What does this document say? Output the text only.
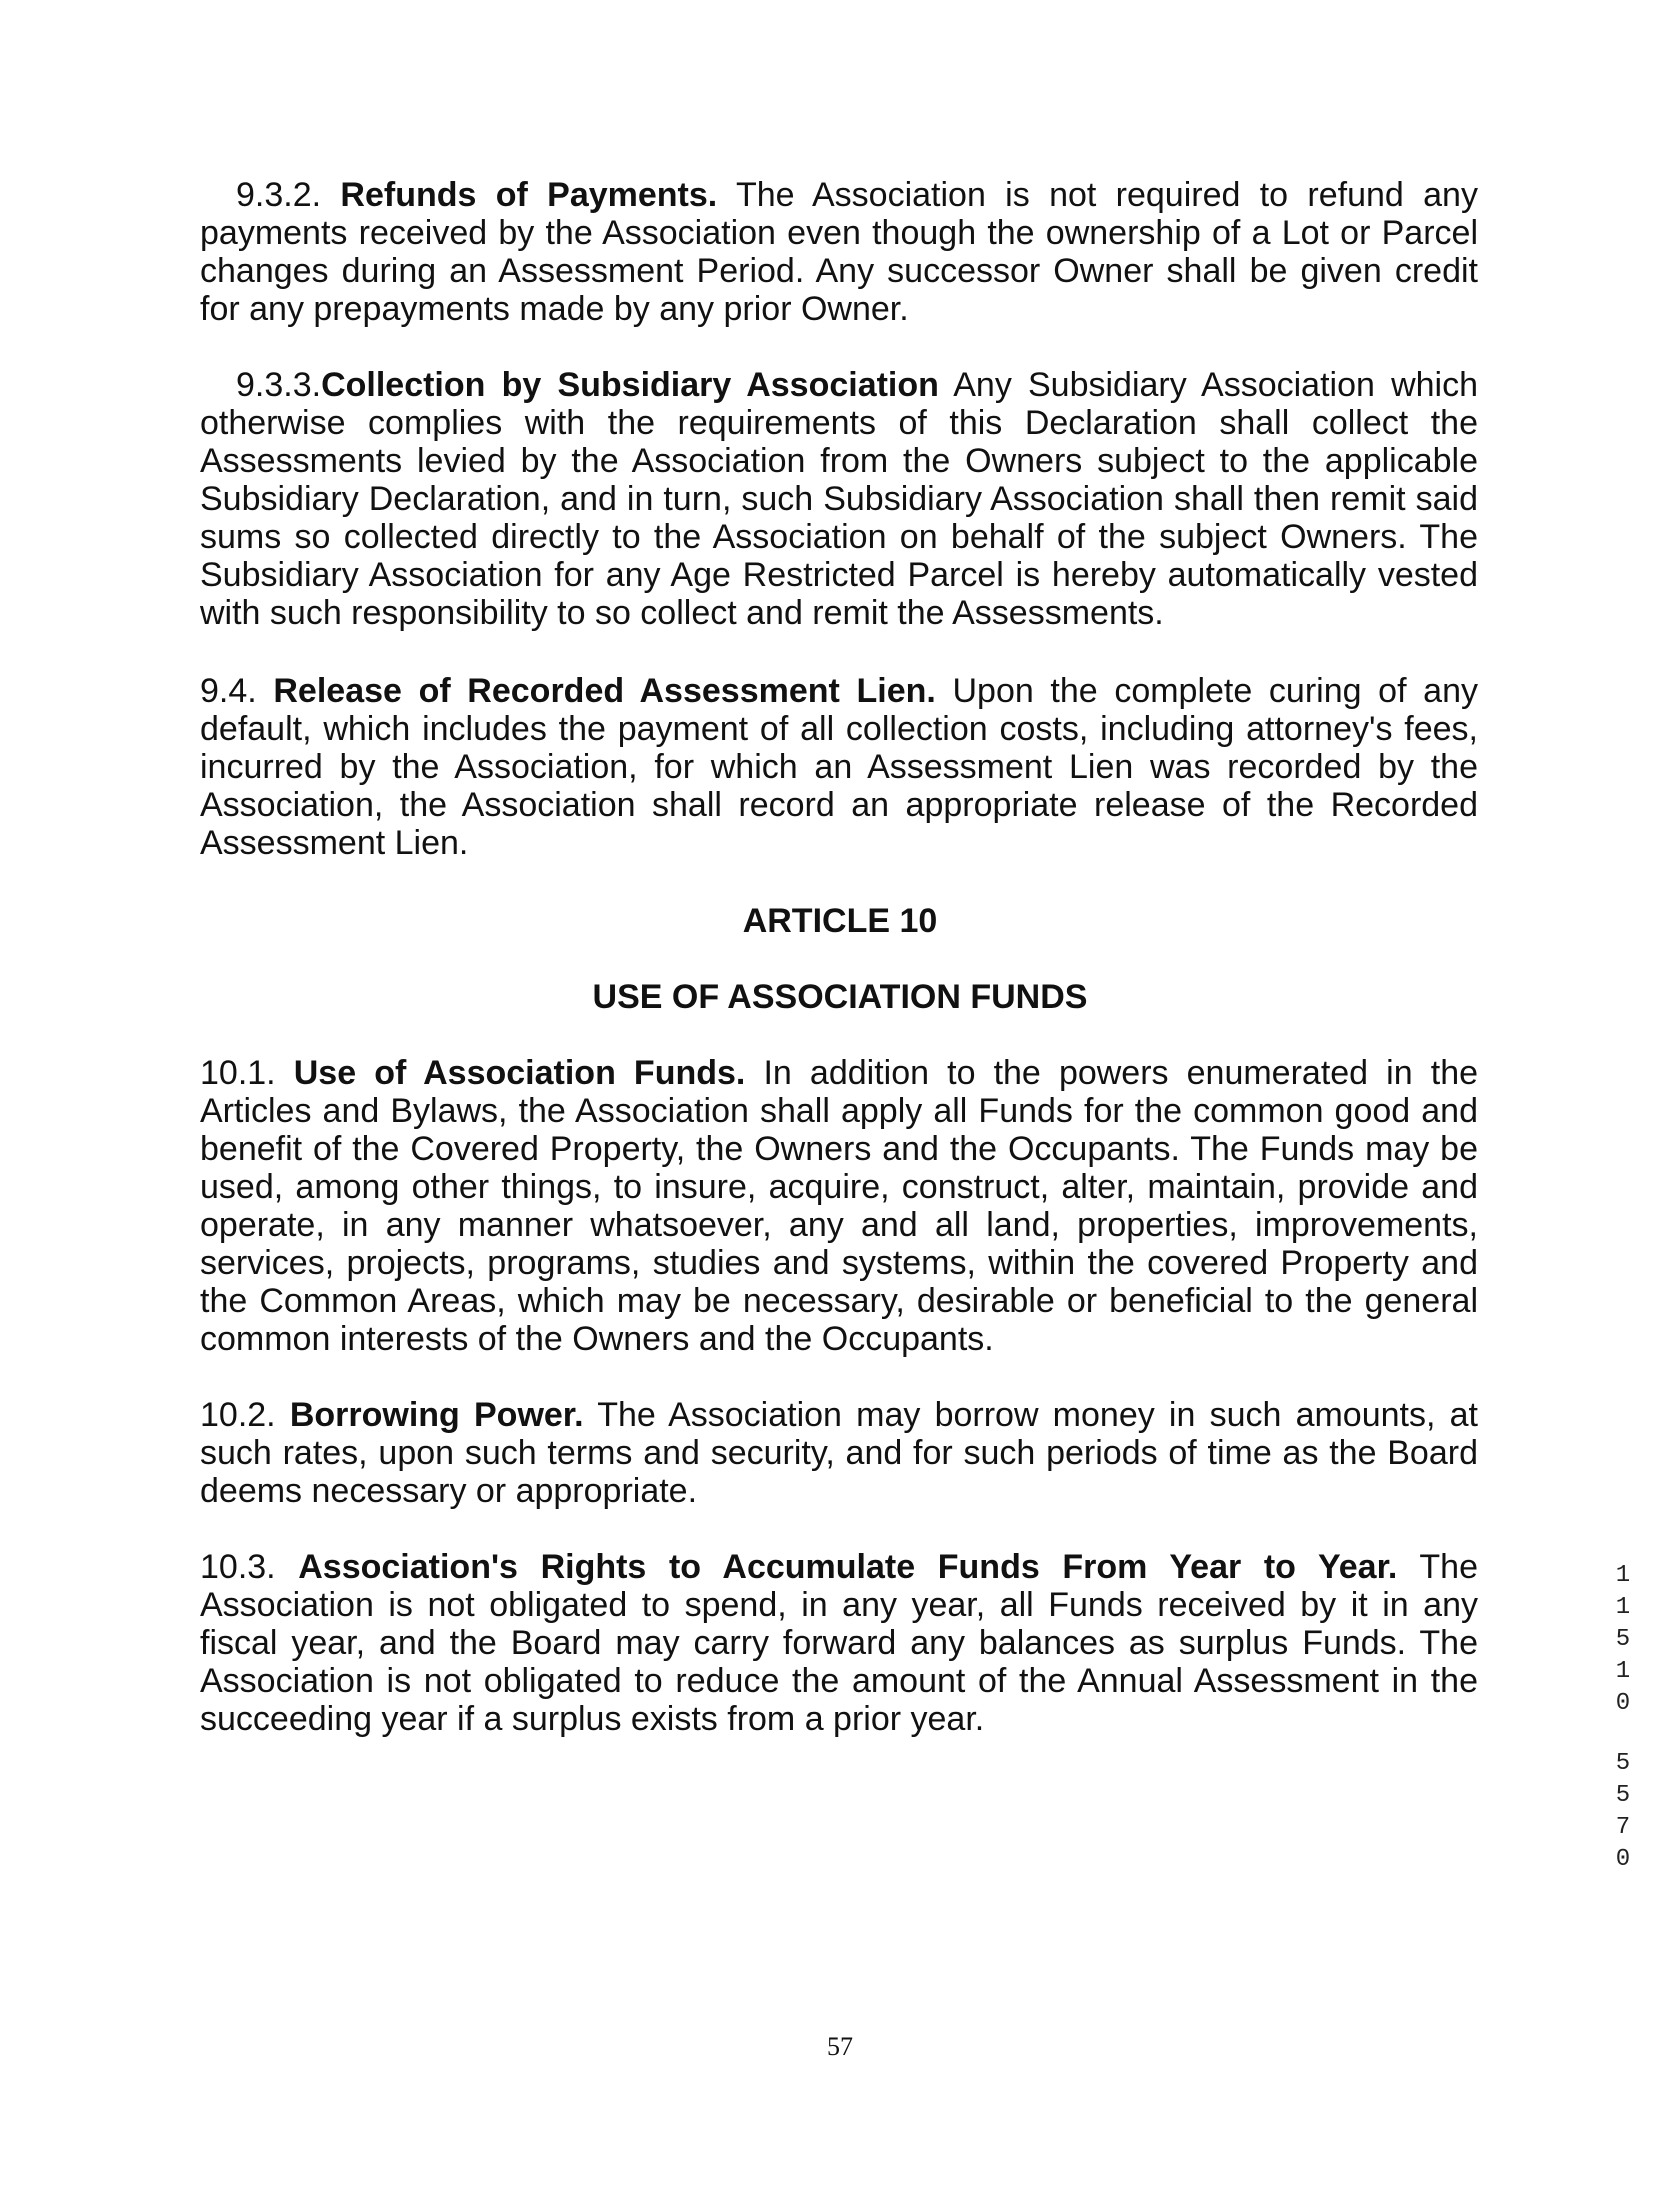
9.3.2. Refunds of Payments. The Association is not required to refund any payments received by the Association even though the ownership of a Lot or Parcel changes during an Assessment Period. Any successor Owner shall be given credit for any prepayments made by any prior Owner.

9.3.3.Collection by Subsidiary Association Any Subsidiary Association which otherwise complies with the requirements of this Declaration shall collect the Assessments levied by the Association from the Owners subject to the applicable Subsidiary Declaration, and in turn, such Subsidiary Association shall then remit said sums so collected directly to the Association on behalf of the subject Owners. The Subsidiary Association for any Age Restricted Parcel is hereby automatically vested with such responsibility to so collect and remit the Assessments.

9.4. Release of Recorded Assessment Lien. Upon the complete curing of any default, which includes the payment of all collection costs, including attorney's fees, incurred by the Association, for which an Assessment Lien was recorded by the Association, the Association shall record an appropriate release of the Recorded Assessment Lien.

ARTICLE 10

USE OF ASSOCIATION FUNDS

10.1. Use of Association Funds. In addition to the powers enumerated in the Articles and Bylaws, the Association shall apply all Funds for the common good and benefit of the Covered Property, the Owners and the Occupants. The Funds may be used, among other things, to insure, acquire, construct, alter, maintain, provide and operate, in any manner whatsoever, any and all land, properties, improvements, services, projects, programs, studies and systems, within the covered Property and the Common Areas, which may be necessary, desirable or beneficial to the general common interests of the Owners and the Occupants.

10.2. Borrowing Power. The Association may borrow money in such amounts, at such rates, upon such terms and security, and for such periods of time as the Board deems necessary or appropriate.

10.3. Association's Rights to Accumulate Funds From Year to Year. The Association is not obligated to spend, in any year, all Funds received by it in any fiscal year, and the Board may carry forward any balances as surplus Funds. The Association is not obligated to reduce the amount of the Annual Assessment in the succeeding year if a surplus exists from a prior year.

1
1
5
1
0
5
5
7
0

57
